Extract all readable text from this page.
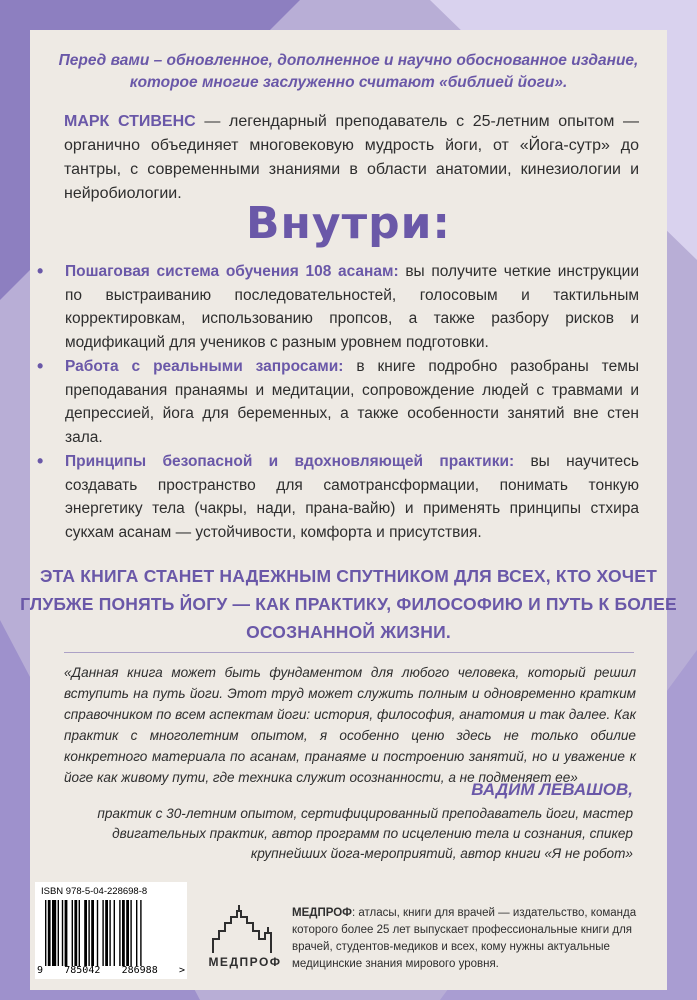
Перед вами – обновленное, дополненное и научно обоснованное издание, которое многие заслуженно считают «библией йоги».

МАРК СТИВЕНС — легендарный преподаватель с 25-летним опытом — органично объединяет многовековую мудрость йоги, от «Йога-сутр» до тантры, с современными знаниями в области анатомии, кинезиологии и нейробиологии.

Внутри:
• Пошаговая система обучения 108 асанам: вы получите четкие инструкции по выстраиванию последовательностей, голосовым и тактильным корректировкам, использованию пропсов, а также разбору рисков и модификаций для учеников с разным уровнем подготовки.
• Работа с реальными запросами: в книге подробно разобраны темы преподавания пранаямы и медитации, сопровождение людей с травмами и депрессией, йога для беременных, а также особенности занятий вне стен зала.
• Принципы безопасной и вдохновляющей практики: вы научитесь создавать пространство для самотрансформации, понимать тонкую энергетику тела (чакры, нади, прана-вайю) и применять принципы стхира сукхам асанам — устойчивости, комфорта и присутствия.

ЭТА КНИГА СТАНЕТ НАДЕЖНЫМ СПУТНИКОМ ДЛЯ ВСЕХ, КТО ХОЧЕТ ГЛУБЖЕ ПОНЯТЬ ЙОГУ — КАК ПРАКТИКУ, ФИЛОСОФИЮ И ПУТЬ К БОЛЕЕ ОСОЗНАННОЙ ЖИЗНИ.

«Данная книга может быть фундаментом для любого человека, который решил вступить на путь йоги. Этот труд может служить полным и одновременно кратким справочником по всем аспектам йоги: история, философия, анатомия и так далее. Как практик с многолетним опытом, я особенно ценю здесь не только обилие конкретного материала по асанам, пранаяме и построению занятий, но и уважение к йоге как живому пути, где техника служит осознанности, а не подменяет ее»

ВАДИМ ЛЕВАШОВ,
практик с 30-летним опытом, сертифицированный преподаватель йоги, мастер двигательных практик, автор программ по исцелению тела и сознания, спикер крупнейших йога-мероприятий, автор книги «Я не робот»
ISBN 978-5-04-228698-8
9 785042 286988 >
МЕДПРОФ

МЕДПРОФ: атласы, книги для врачей — издательство, команда которого более 25 лет выпускает профессиональные книги для врачей, студентов-медиков и всех, кому нужны актуальные медицинские знания мирового уровня.
